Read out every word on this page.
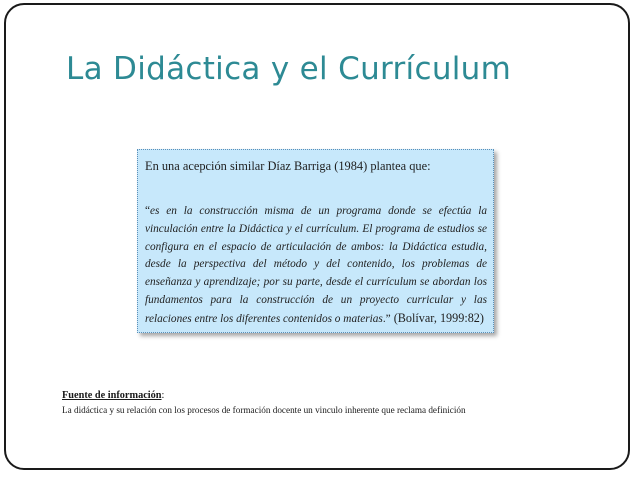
La Didáctica y el Currículum

En una acepción similar Díaz Barriga (1984) plantea que:

“es en la construcción misma de un programa donde se efectúa la vinculación entre la Didáctica y el currículum. El programa de estudios se configura en el espacio de articulación de ambos: la Didáctica estudia, desde la perspectiva del método y del contenido, los problemas de enseñanza y aprendizaje; por su parte, desde el currículum se abordan los fundamentos para la construcción de un proyecto curricular y las relaciones entre los diferentes contenidos o materias.” (Bolívar, 1999:82)

Fuente de información:

La didáctica y su relación con los procesos de formación docente un vinculo inherente que reclama definición
